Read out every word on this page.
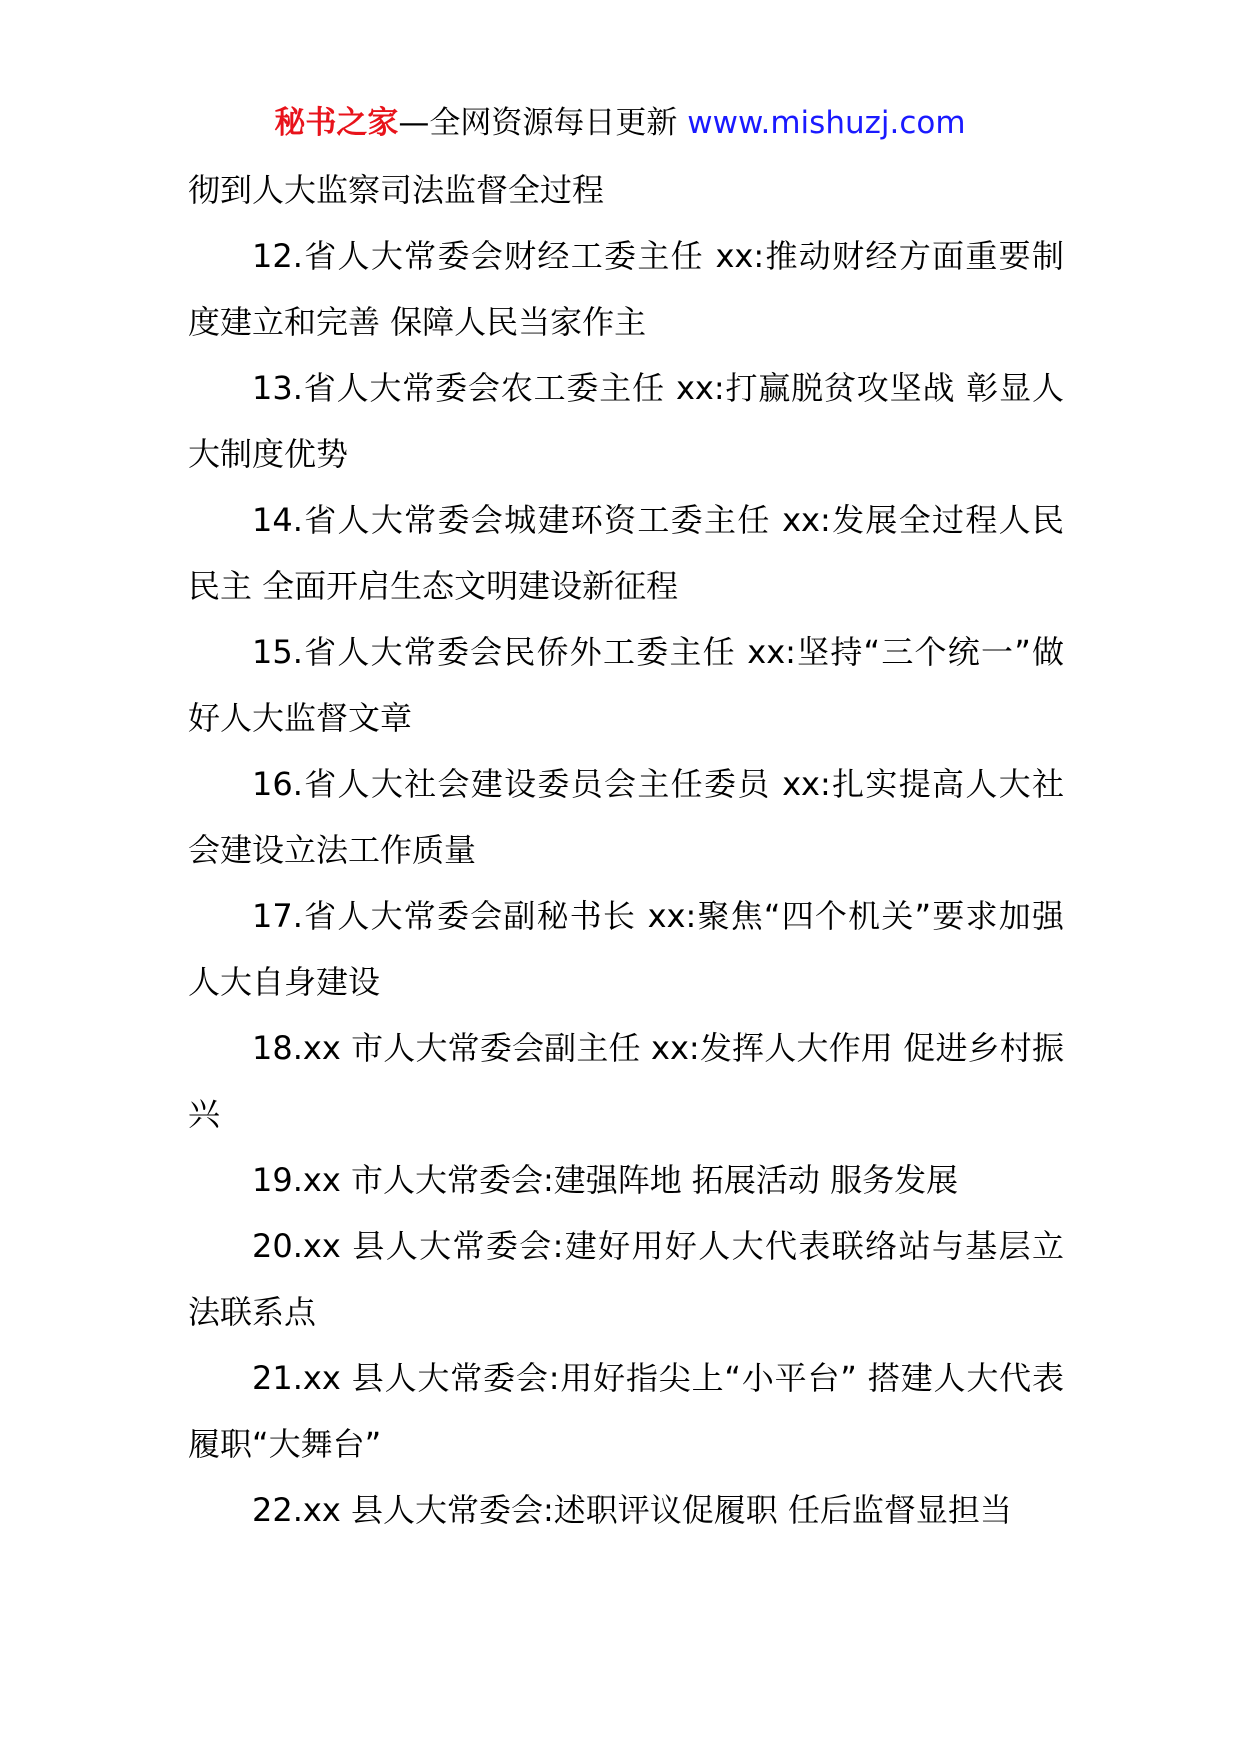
秘书之家—全网资源每日更新 www.mishuzj.com

彻到人大监察司法监督全过程

12.省人大常委会财经工委主任 xx:推动财经方面重要制度建立和完善 保障人民当家作主

13.省人大常委会农工委主任 xx:打赢脱贫攻坚战 彰显人大制度优势

14.省人大常委会城建环资工委主任 xx:发展全过程人民民主 全面开启生态文明建设新征程

15.省人大常委会民侨外工委主任 xx:坚持“三个统一”做好人大监督文章

16.省人大社会建设委员会主任委员 xx:扎实提高人大社会建设立法工作质量

17.省人大常委会副秘书长 xx:聚焦“四个机关”要求加强人大自身建设

18.xx 市人大常委会副主任 xx:发挥人大作用 促进乡村振兴

19.xx 市人大常委会:建强阵地 拓展活动 服务发展

20.xx 县人大常委会:建好用好人大代表联络站与基层立法联系点

21.xx 县人大常委会:用好指尖上“小平台” 搭建人大代表履职“大舞台”

22.xx 县人大常委会:述职评议促履职 任后监督显担当
